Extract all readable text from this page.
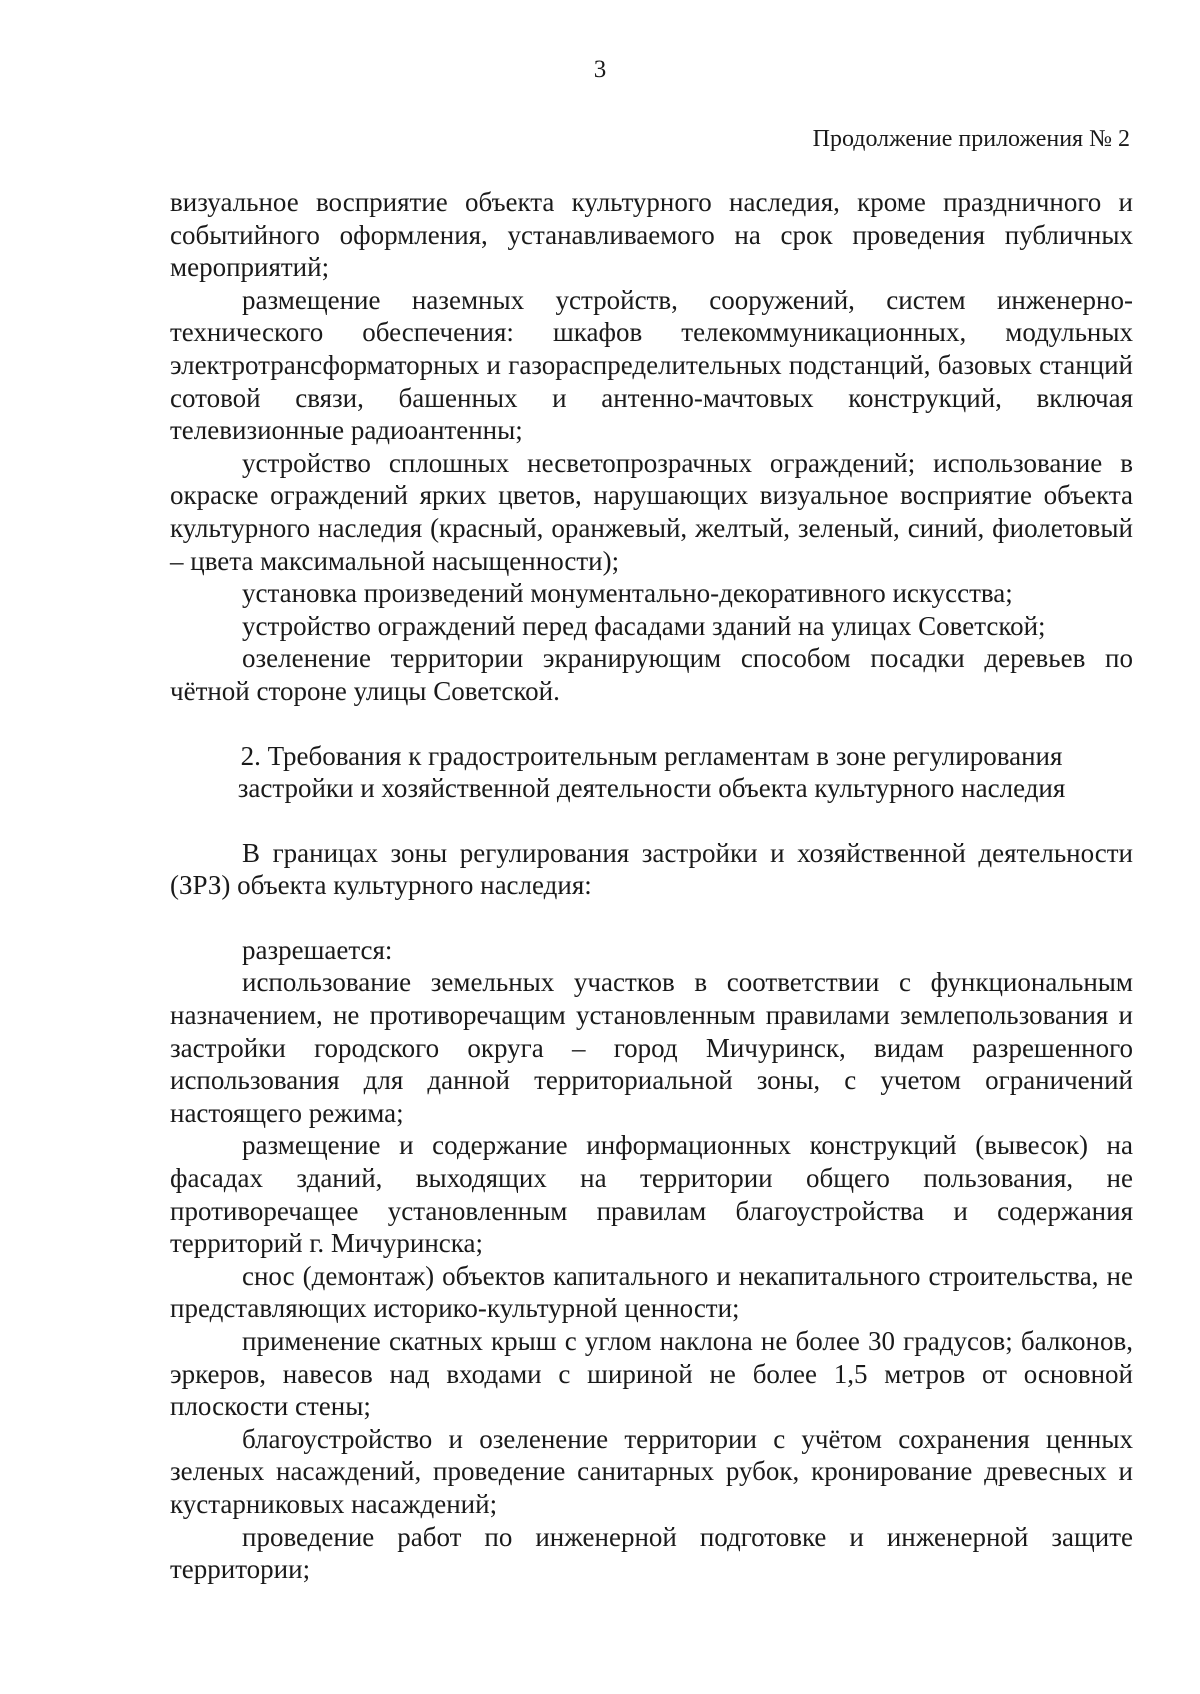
3
Продолжение приложения № 2

визуальное восприятие объекта культурного наследия, кроме праздничного и событийного оформления, устанавливаемого на срок проведения публичных мероприятий;

размещение наземных устройств, сооружений, систем инженерно-технического обеспечения: шкафов телекоммуникационных, модульных электротрансформаторных и газораспределительных подстанций, базовых станций сотовой связи, башенных и антенно-мачтовых конструкций, включая телевизионные радиоантенны;

устройство сплошных несветопрозрачных ограждений; использование в окраске ограждений ярких цветов, нарушающих визуальное восприятие объекта культурного наследия (красный, оранжевый, желтый, зеленый, синий, фиолетовый – цвета максимальной насыщенности);

установка произведений монументально-декоративного искусства;

устройство ограждений перед фасадами зданий на улицах Советской;

озеленение территории экранирующим способом посадки деревьев по чётной стороне улицы Советской.

2. Требования к градостроительным регламентам в зоне регулирования застройки и хозяйственной деятельности объекта культурного наследия

В границах зоны регулирования застройки и хозяйственной деятельности (ЗРЗ) объекта культурного наследия:

разрешается:

использование земельных участков в соответствии с функциональным назначением, не противоречащим установленным правилами землепользования и застройки городского округа – город Мичуринск, видам разрешенного использования для данной территориальной зоны, с учетом ограничений настоящего режима;

размещение и содержание информационных конструкций (вывесок) на фасадах зданий, выходящих на территории общего пользования, не противоречащее установленным правилам благоустройства и содержания территорий г. Мичуринска;

снос (демонтаж) объектов капитального и некапитального строительства, не представляющих историко-культурной ценности;

применение скатных крыш с углом наклона не более 30 градусов; балконов, эркеров, навесов над входами с шириной не более 1,5 метров от основной плоскости стены;

благоустройство и озеленение территории с учётом сохранения ценных зеленых насаждений, проведение санитарных рубок, кронирование древесных и кустарниковых насаждений;

проведение работ по инженерной подготовке и инженерной защите территории;
